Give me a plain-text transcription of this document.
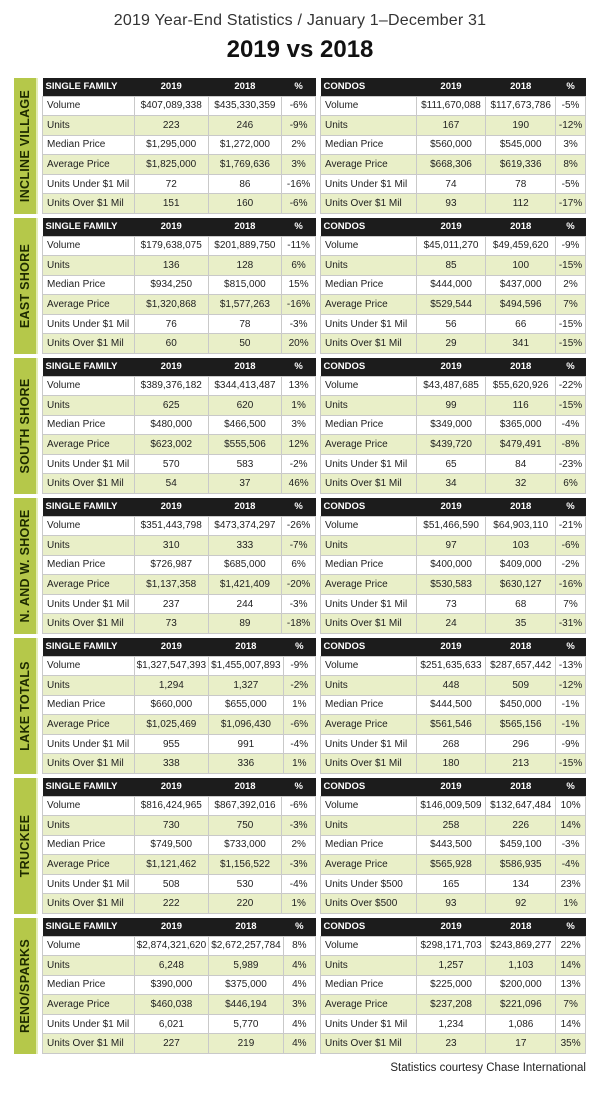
2019 Year-End Statistics / January 1–December 31
2019 vs 2018
INCLINE VILLAGE
SINGLE FAMILY	2019	2018	%
Volume	$407,089,338	$435,330,359	-6%
Units	223	246	-9%
Median Price	$1,295,000	$1,272,000	2%
Average Price	$1,825,000	$1,769,636	3%
Units Under $1 Mil	72	86	-16%
Units Over $1 Mil	151	160	-6%
CONDOS	2019	2018	%
Volume	$111,670,088	$117,673,786	-5%
Units	167	190	-12%
Median Price	$560,000	$545,000	3%
Average Price	$668,306	$619,336	8%
Units Under $1 Mil	74	78	-5%
Units Over $1 Mil	93	112	-17%
EAST SHORE
SINGLE FAMILY	2019	2018	%
Volume	$179,638,075	$201,889,750	-11%
Units	136	128	6%
Median Price	$934,250	$815,000	15%
Average Price	$1,320,868	$1,577,263	-16%
Units Under $1 Mil	76	78	-3%
Units Over $1 Mil	60	50	20%
CONDOS	2019	2018	%
Volume	$45,011,270	$49,459,620	-9%
Units	85	100	-15%
Median Price	$444,000	$437,000	2%
Average Price	$529,544	$494,596	7%
Units Under $1 Mil	56	66	-15%
Units Over $1 Mil	29	341	-15%
SOUTH SHORE
SINGLE FAMILY	2019	2018	%
Volume	$389,376,182	$344,413,487	13%
Units	625	620	1%
Median Price	$480,000	$466,500	3%
Average Price	$623,002	$555,506	12%
Units Under $1 Mil	570	583	-2%
Units Over $1 Mil	54	37	46%
CONDOS	2019	2018	%
Volume	$43,487,685	$55,620,926	-22%
Units	99	116	-15%
Median Price	$349,000	$365,000	-4%
Average Price	$439,720	$479,491	-8%
Units Under $1 Mil	65	84	-23%
Units Over $1 Mil	34	32	6%
N. AND W. SHORE
SINGLE FAMILY	2019	2018	%
Volume	$351,443,798	$473,374,297	-26%
Units	310	333	-7%
Median Price	$726,987	$685,000	6%
Average Price	$1,137,358	$1,421,409	-20%
Units Under $1 Mil	237	244	-3%
Units Over $1 Mil	73	89	-18%
CONDOS	2019	2018	%
Volume	$51,466,590	$64,903,110	-21%
Units	97	103	-6%
Median Price	$400,000	$409,000	-2%
Average Price	$530,583	$630,127	-16%
Units Under $1 Mil	73	68	7%
Units Over $1 Mil	24	35	-31%
LAKE TOTALS
SINGLE FAMILY	2019	2018	%
Volume	$1,327,547,393	$1,455,007,893	-9%
Units	1,294	1,327	-2%
Median Price	$660,000	$655,000	1%
Average Price	$1,025,469	$1,096,430	-6%
Units Under $1 Mil	955	991	-4%
Units Over $1 Mil	338	336	1%
CONDOS	2019	2018	%
Volume	$251,635,633	$287,657,442	-13%
Units	448	509	-12%
Median Price	$444,500	$450,000	-1%
Average Price	$561,546	$565,156	-1%
Units Under $1 Mil	268	296	-9%
Units Over $1 Mil	180	213	-15%
TRUCKEE
SINGLE FAMILY	2019	2018	%
Volume	$816,424,965	$867,392,016	-6%
Units	730	750	-3%
Median Price	$749,500	$733,000	2%
Average Price	$1,121,462	$1,156,522	-3%
Units Under $1 Mil	508	530	-4%
Units Over $1 Mil	222	220	1%
CONDOS	2019	2018	%
Volume	$146,009,509	$132,647,484	10%
Units	258	226	14%
Median Price	$443,500	$459,100	-3%
Average Price	$565,928	$586,935	-4%
Units Under $500	165	134	23%
Units Over $500	93	92	1%
RENO/SPARKS
SINGLE FAMILY	2019	2018	%
Volume	$2,874,321,620	$2,672,257,784	8%
Units	6,248	5,989	4%
Median Price	$390,000	$375,000	4%
Average Price	$460,038	$446,194	3%
Units Under $1 Mil	6,021	5,770	4%
Units Over $1 Mil	227	219	4%
CONDOS	2019	2018	%
Volume	$298,171,703	$243,869,277	22%
Units	1,257	1,103	14%
Median Price	$225,000	$200,000	13%
Average Price	$237,208	$221,096	7%
Units Under $1 Mil	1,234	1,086	14%
Units Over $1 Mil	23	17	35%
Statistics courtesy Chase International
